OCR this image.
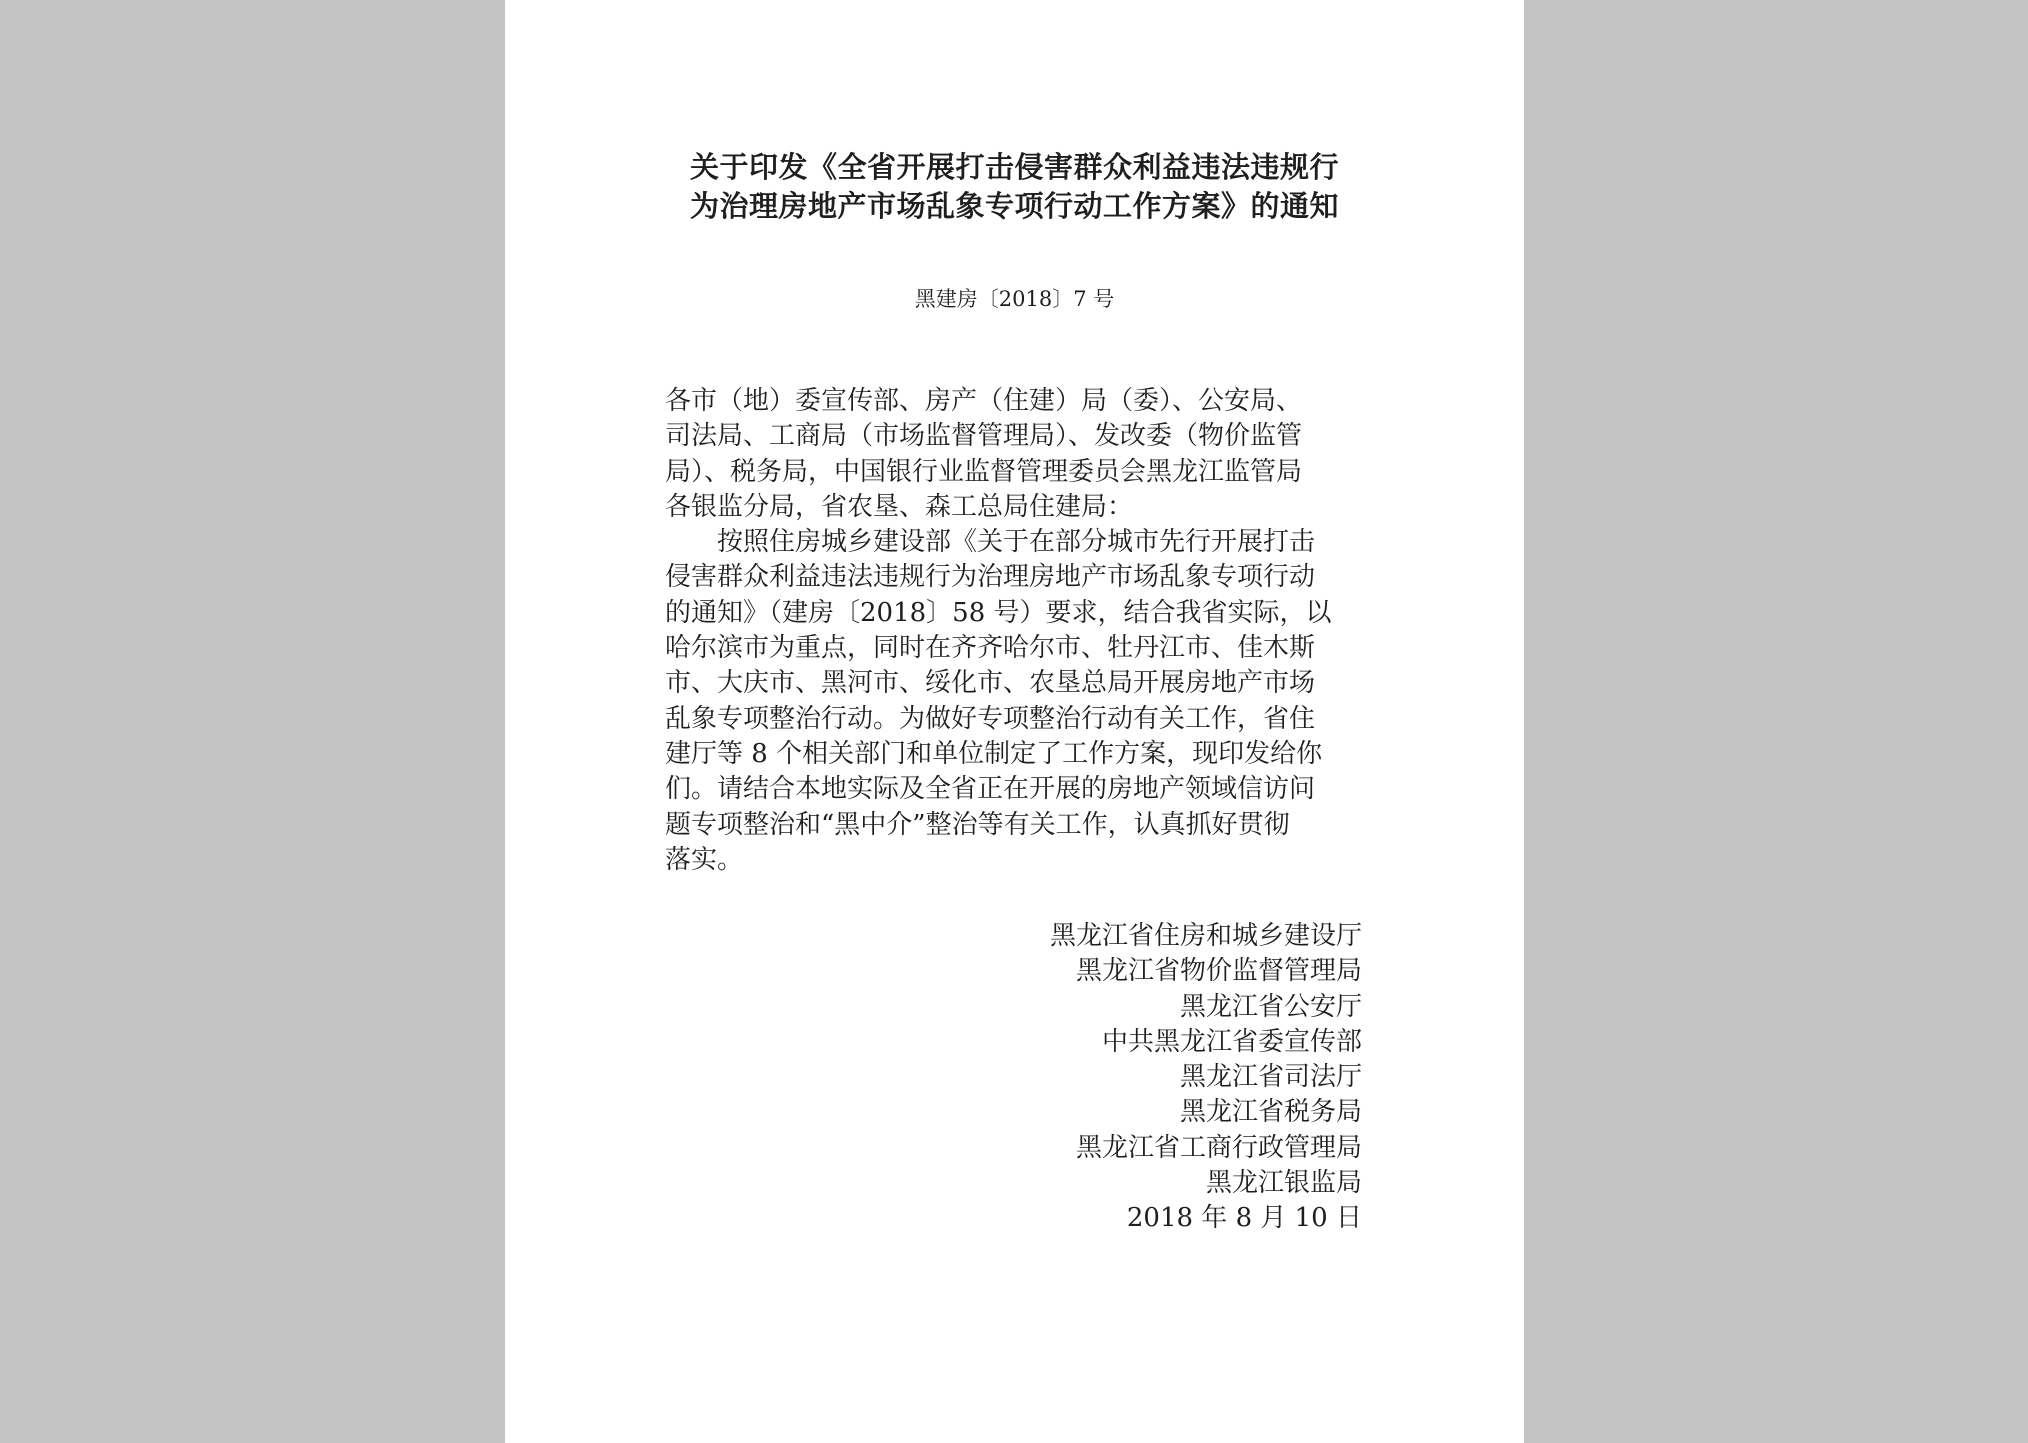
关于印发《全省开展打击侵害群众利益违法违规行
为治理房地产市场乱象专项行动工作方案》的通知
黑建房〔2018〕7 号
各市（地）委宣传部、房产（住建）局（委）、公安局、
司法局、工商局（市场监督管理局）、发改委（物价监管
局）、税务局，中国银行业监督管理委员会黑龙江监管局
各银监分局，省农垦、森工总局住建局：
按照住房城乡建设部《关于在部分城市先行开展打击
侵害群众利益违法违规行为治理房地产市场乱象专项行动
的通知》（建房〔2018〕58 号）要求，结合我省实际，以
哈尔滨市为重点，同时在齐齐哈尔市、牡丹江市、佳木斯
市、大庆市、黑河市、绥化市、农垦总局开展房地产市场
乱象专项整治行动。为做好专项整治行动有关工作，省住
建厅等 8 个相关部门和单位制定了工作方案，现印发给你
们。请结合本地实际及全省正在开展的房地产领域信访问
题专项整治和“黑中介”整治等有关工作，认真抓好贯彻
落实。
黑龙江省住房和城乡建设厅
黑龙江省物价监督管理局
黑龙江省公安厅
中共黑龙江省委宣传部
黑龙江省司法厅
黑龙江省税务局
黑龙江省工商行政管理局
黑龙江银监局
2018 年 8 月 10 日
